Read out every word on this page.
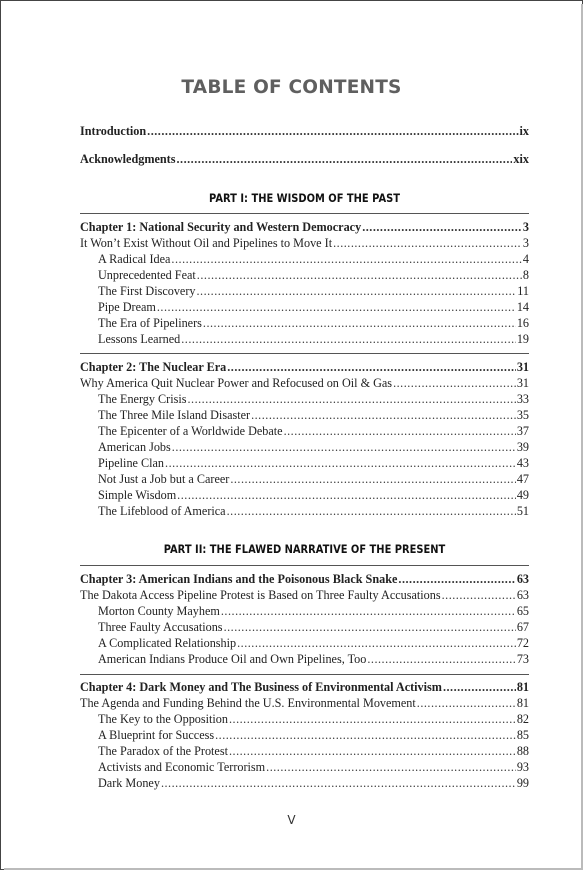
TABLE OF CONTENTS
Introduction .....	ix
Acknowledgments .....	xix
PART I: THE WISDOM OF THE PAST
Chapter 1: National Security and Western Democracy .....	3
It Won’t Exist Without Oil and Pipelines to Move It .....	3
A Radical Idea .....	4
Unprecedented Feat .....	8
The First Discovery .....	11
Pipe Dream .....	14
The Era of Pipeliners .....	16
Lessons Learned .....	19
Chapter 2: The Nuclear Era .....	31
Why America Quit Nuclear Power and Refocused on Oil & Gas .....	31
The Energy Crisis .....	33
The Three Mile Island Disaster .....	35
The Epicenter of a Worldwide Debate .....	37
American Jobs .....	39
Pipeline Clan .....	43
Not Just a Job but a Career .....	47
Simple Wisdom .....	49
The Lifeblood of America .....	51
PART II: THE FLAWED NARRATIVE OF THE PRESENT
Chapter 3: American Indians and the Poisonous Black Snake .....	63
The Dakota Access Pipeline Protest is Based on Three Faulty Accusations .....	63
Morton County Mayhem .....	65
Three Faulty Accusations .....	67
A Complicated Relationship .....	72
American Indians Produce Oil and Own Pipelines, Too .....	73
Chapter 4: Dark Money and The Business of Environmental Activism .....	81
The Agenda and Funding Behind the U.S. Environmental Movement .....	81
The Key to the Opposition .....	82
A Blueprint for Success .....	85
The Paradox of the Protest .....	88
Activists and Economic Terrorism .....	93
Dark Money .....	99
V
